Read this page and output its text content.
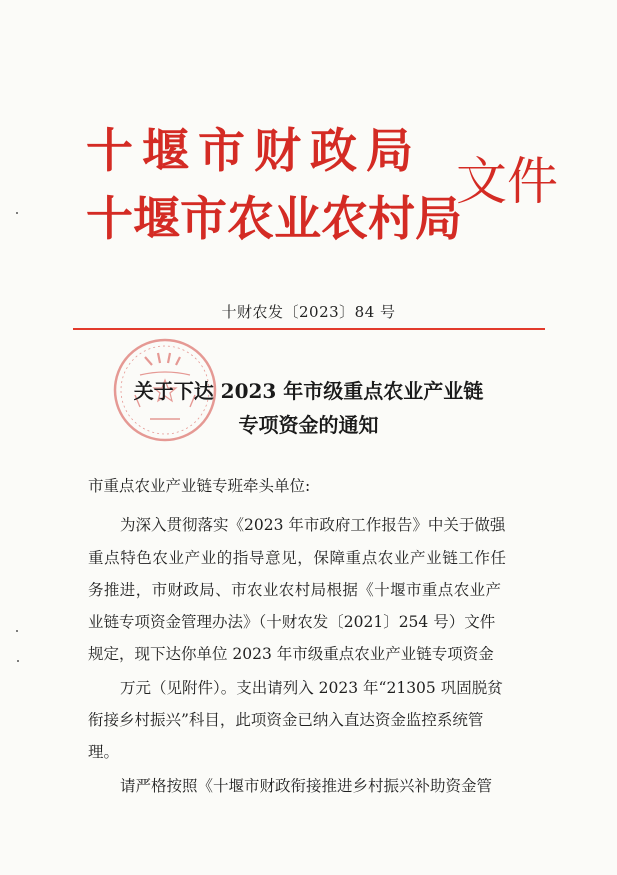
十堰市财政局
十堰市农业农村局
文件
十财农发〔2023〕84 号
关于下达 2023 年市级重点农业产业链
专项资金的通知
市重点农业产业链专班牵头单位:
为深入贯彻落实《2023 年市政府工作报告》中关于做强
重点特色农业产业的指导意见，保障重点农业产业链工作任
务推进，市财政局、市农业农村局根据《十堰市重点农业产
业链专项资金管理办法》（十财农发〔2021〕254 号）文件
规定，现下达你单位 2023 年市级重点农业产业链专项资金
万元（见附件）。支出请列入 2023 年“21305 巩固脱贫
衔接乡村振兴”科目，此项资金已纳入直达资金监控系统管
理。
请严格按照《十堰市财政衔接推进乡村振兴补助资金管
